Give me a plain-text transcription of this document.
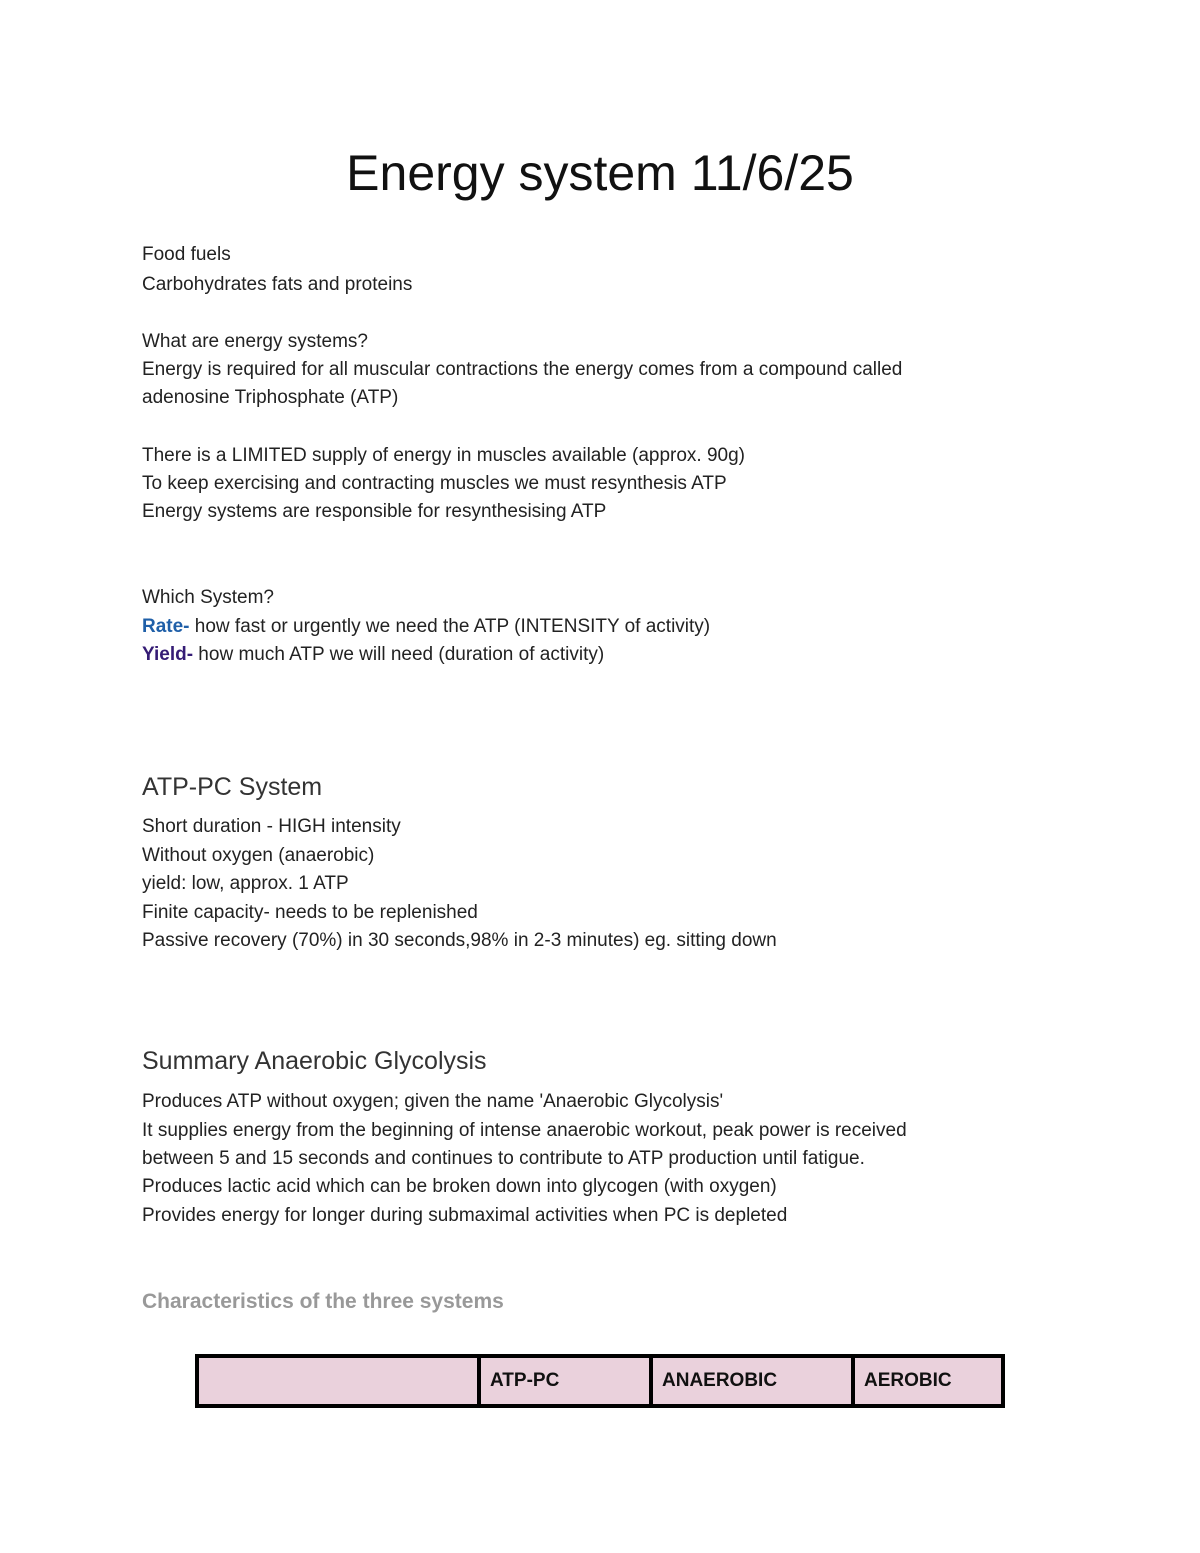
Energy system 11/6/25

Food fuels

Carbohydrates fats and proteins

What are energy systems?

Energy is required for all muscular contractions the energy comes from a compound called

adenosine Triphosphate (ATP)

There is a LIMITED supply of energy in muscles available (approx. 90g)

To keep exercising and contracting muscles we must resynthesis ATP

Energy systems are responsible for resynthesising ATP

Which System?

Rate- how fast or urgently we need the ATP (INTENSITY of activity)

Yield- how much ATP we will need (duration of activity)

ATP-PC System

Short duration - HIGH intensity

Without oxygen (anaerobic)

yield: low, approx. 1 ATP

Finite capacity- needs to be replenished

Passive recovery (70%) in 30 seconds,98% in 2-3 minutes) eg. sitting down

Summary Anaerobic Glycolysis

Produces ATP without oxygen; given the name 'Anaerobic Glycolysis'

It supplies energy from the beginning of intense anaerobic workout, peak power is received

between 5 and 15 seconds and continues to contribute to ATP production until fatigue.

Produces lactic acid which can be broken down into glycogen (with oxygen)

Provides energy for longer during submaximal activities when PC is depleted

Characteristics of the three systems
ATP-PC	ANAEROBIC	AEROBIC
